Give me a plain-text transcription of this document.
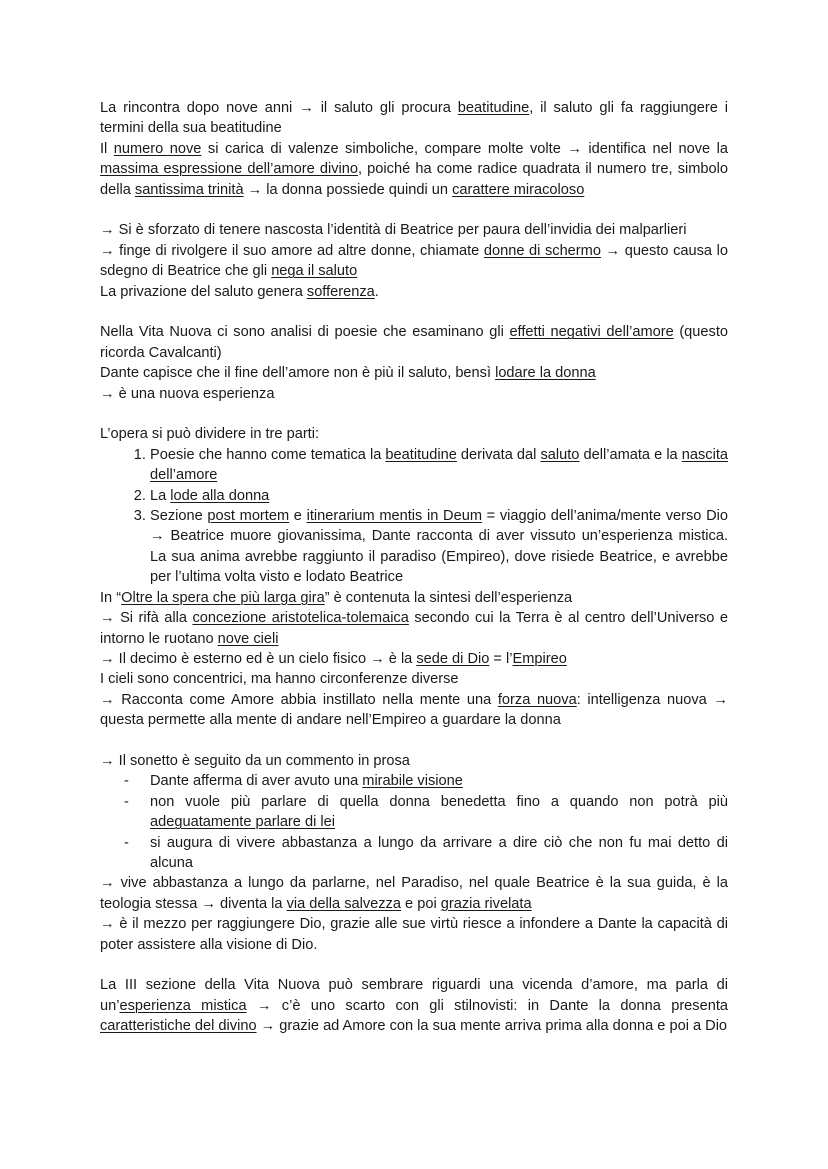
La rincontra dopo nove anni → il saluto gli procura beatitudine, il saluto gli fa raggiungere i termini della sua beatitudine

Il numero nove si carica di valenze simboliche, compare molte volte → identifica nel nove la massima espressione dell’amore divino, poiché ha come radice quadrata il numero tre, simbolo della santissima trinità → la donna possiede quindi un carattere miracoloso

→ Si è sforzato di tenere nascosta l’identità di Beatrice per paura dell’invidia dei malparlieri

→ finge di rivolgere il suo amore ad altre donne, chiamate donne di schermo → questo causa lo sdegno di Beatrice che gli nega il saluto

La privazione del saluto genera sofferenza.

Nella Vita Nuova ci sono analisi di poesie che esaminano gli effetti negativi dell’amore (questo ricorda Cavalcanti)

Dante capisce che il fine dell’amore non è più il saluto, bensì lodare la donna

→ è una nuova esperienza

L’opera si può dividere in tre parti:

1. Poesie che hanno come tematica la beatitudine derivata dal saluto dell’amata e la nascita dell’amore
2. La lode alla donna
3. Sezione post mortem e itinerarium mentis in Deum = viaggio dell’anima/mente verso Dio → Beatrice muore giovanissima, Dante racconta di aver vissuto un’esperienza mistica. La sua anima avrebbe raggiunto il paradiso (Empireo), dove risiede Beatrice, e avrebbe per l’ultima volta visto e lodato Beatrice

In “Oltre la spera che più larga gira” è contenuta la sintesi dell’esperienza

→ Si rifà alla concezione aristotelica-tolemaica secondo cui la Terra è al centro dell’Universo e intorno le ruotano nove cieli

→ Il decimo è esterno ed è un cielo fisico → è la sede di Dio = l’Empireo

I cieli sono concentrici, ma hanno circonferenze diverse

→ Racconta come Amore abbia instillato nella mente una forza nuova: intelligenza nuova → questa permette alla mente di andare nell’Empireo a guardare la donna

→ Il sonetto è seguito da un commento in prosa

- Dante afferma di aver avuto una mirabile visione
- non vuole più parlare di quella donna benedetta fino a quando non potrà più adeguatamente parlare di lei
- si augura di vivere abbastanza a lungo da arrivare a dire ciò che non fu mai detto di alcuna

→ vive abbastanza a lungo da parlarne, nel Paradiso, nel quale Beatrice è la sua guida, è la teologia stessa → diventa la via della salvezza e poi grazia rivelata

→ è il mezzo per raggiungere Dio, grazie alle sue virtù riesce a infondere a Dante la capacità di poter assistere alla visione di Dio.

La III sezione della Vita Nuova può sembrare riguardi una vicenda d’amore, ma parla di un’esperienza mistica → c’è uno scarto con gli stilnovisti: in Dante la donna presenta caratteristiche del divino → grazie ad Amore con la sua mente arriva prima alla donna e poi a Dio
